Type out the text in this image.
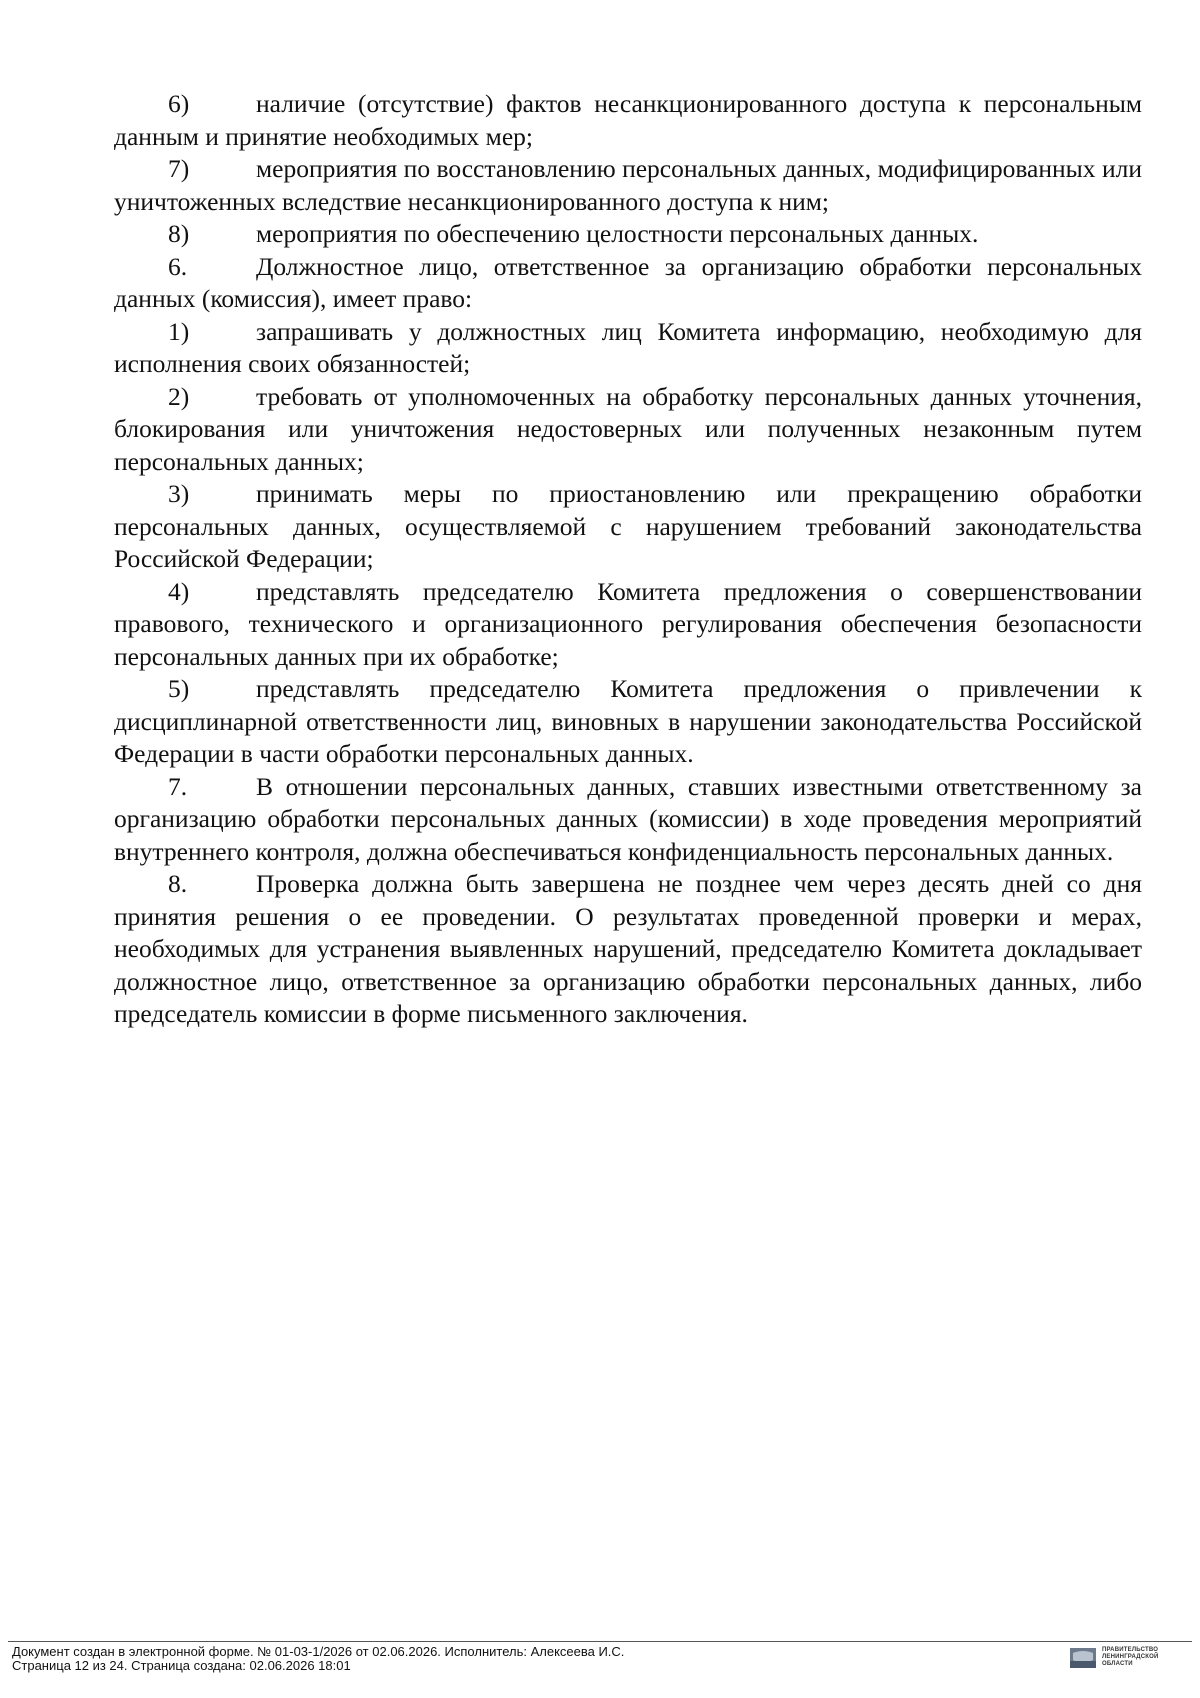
6)	наличие (отсутствие) фактов несанкционированного доступа к персональным данным и принятие необходимых мер;

7)	мероприятия по восстановлению персональных данных, модифицированных или уничтоженных вследствие несанкционированного доступа к ним;

8)	мероприятия по обеспечению целостности персональных данных.

6.	Должностное лицо, ответственное за организацию обработки персональных данных (комиссия), имеет право:

1)	запрашивать у должностных лиц Комитета информацию, необходимую для исполнения своих обязанностей;

2)	требовать от уполномоченных на обработку персональных данных уточнения, блокирования или уничтожения недостоверных или полученных незаконным путем персональных данных;

3)	принимать меры по приостановлению или прекращению обработки персональных данных, осуществляемой с нарушением требований законодательства Российской Федерации;

4)	представлять председателю Комитета предложения о совершенствовании правового, технического и организационного регулирования обеспечения безопасности персональных данных при их обработке;

5)	представлять председателю Комитета предложения о привлечении к дисциплинарной ответственности лиц, виновных в нарушении законодательства Российской Федерации в части обработки персональных данных.

7.	В отношении персональных данных, ставших известными ответственному за организацию обработки персональных данных (комиссии) в ходе проведения мероприятий внутреннего контроля, должна обеспечиваться конфиденциальность персональных данных.

8.	Проверка должна быть завершена не позднее чем через десять дней со дня принятия решения о ее проведении. О результатах проведенной проверки и мерах, необходимых для устранения выявленных нарушений, председателю Комитета докладывает должностное лицо, ответственное за организацию обработки персональных данных, либо председатель комиссии в форме письменного заключения.

Документ создан в электронной форме. № 01-03-1/2026 от 02.06.2026. Исполнитель: Алексеева И.С.
Страница 12 из 24. Страница создана: 02.06.2026 18:01
ПРАВИТЕЛЬСТВО
ЛЕНИНГРАДСКОЙ
ОБЛАСТИ
